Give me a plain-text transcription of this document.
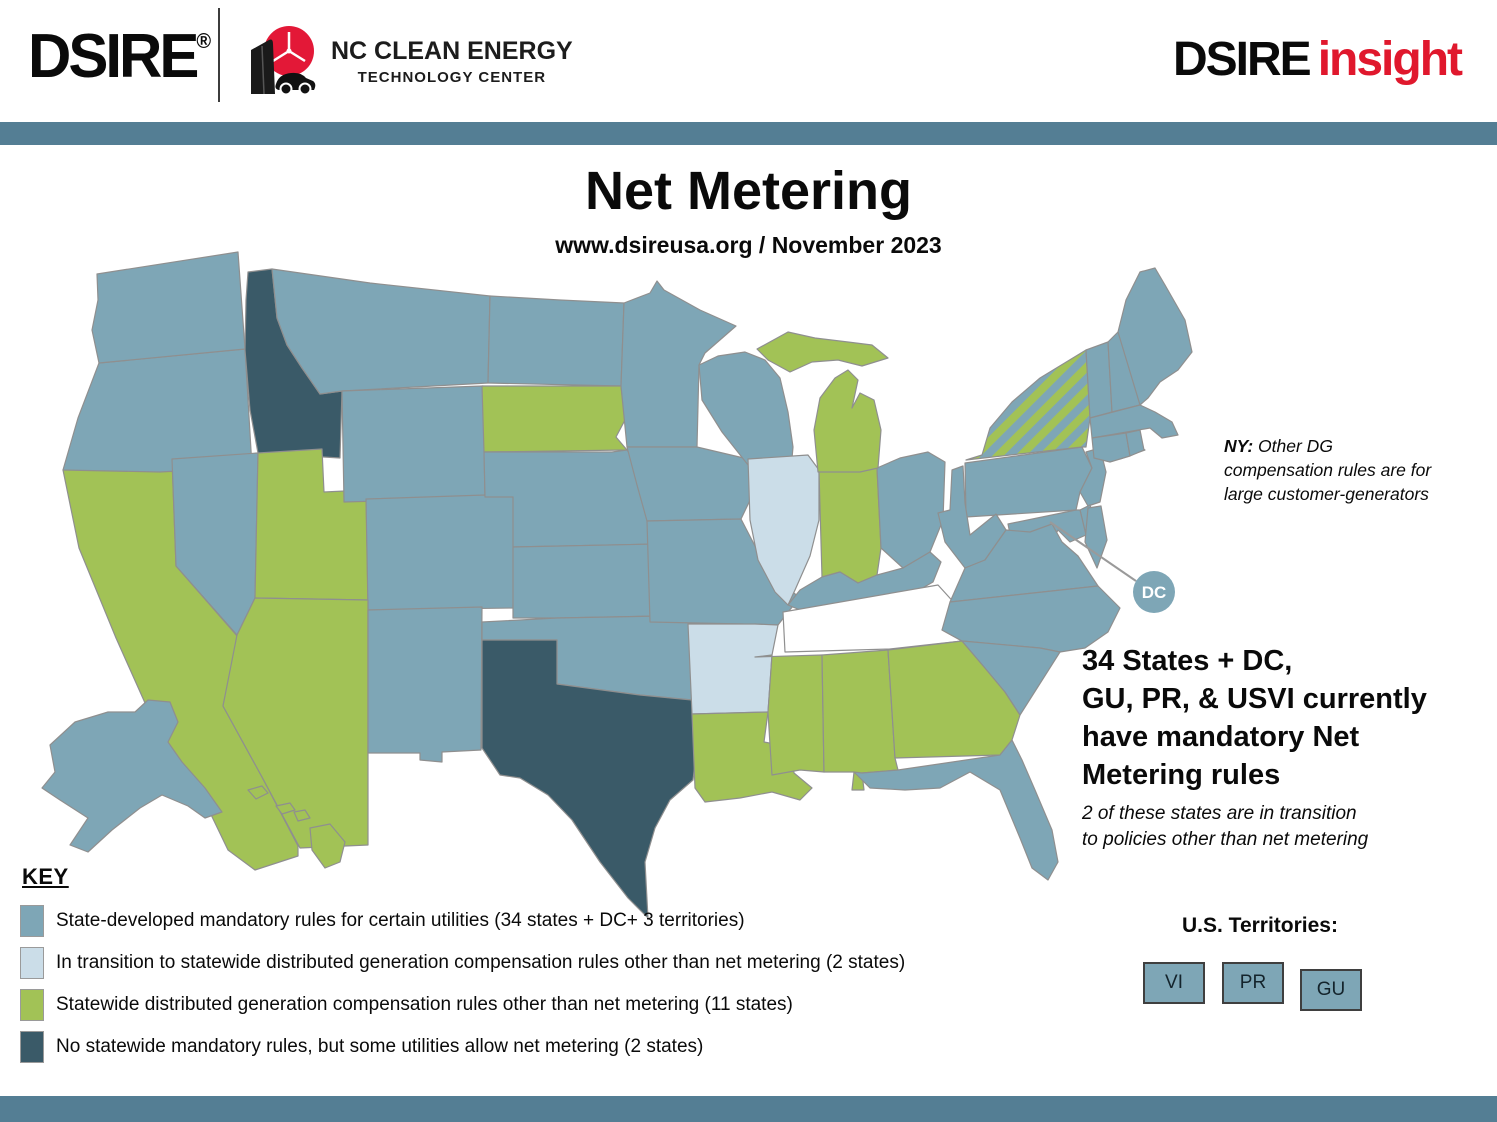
DSIRE®	NC CLEAN ENERGY
TECHNOLOGY CENTER	DSIRE insight
Net Metering
www.dsireusa.org / November 2023
DC
NY: Other DG
compensation rules are for
large customer-generators
34 States + DC,
GU, PR, & USVI currently
have mandatory Net
Metering rules
2 of these states are in transition
to policies other than net metering
KEY
State-developed mandatory rules for certain utilities (34 states + DC+ 3 territories)
In transition to statewide distributed generation compensation rules other than net metering (2 states)
Statewide distributed generation compensation rules other than net metering (11 states)
No statewide mandatory rules, but some utilities allow net metering (2 states)
U.S. Territories:
VI	PR	GU
